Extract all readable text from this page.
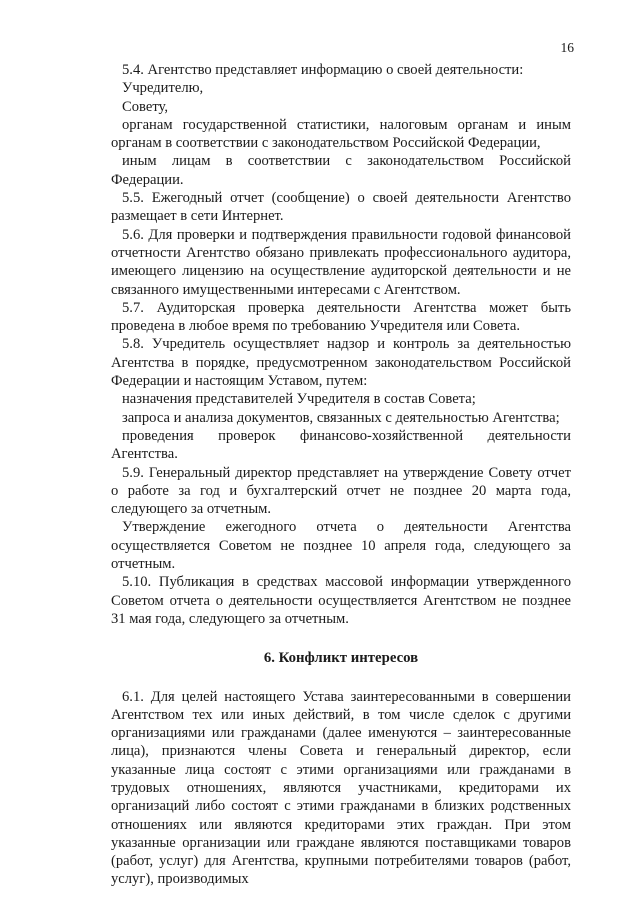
16

5.4. Агентство представляет информацию о своей деятельности:

Учредителю,

Совету,

органам государственной статистики, налоговым органам и иным органам в соответствии с законодательством Российской Федерации,

иным лицам в соответствии с законодательством Российской Федерации.

5.5. Ежегодный отчет (сообщение) о своей деятельности Агентство размещает в сети Интернет.

5.6. Для проверки и подтверждения правильности годовой финансовой отчетности Агентство обязано привлекать профессионального аудитора, имеющего лицензию на осуществление аудиторской деятельности и не связанного имущественными интересами с Агентством.

5.7. Аудиторская проверка деятельности Агентства может быть проведена в любое время по требованию Учредителя или Совета.

5.8. Учредитель осуществляет надзор и контроль за деятельностью Агентства в порядке, предусмотренном законодательством Российской Федерации и настоящим Уставом, путем:

назначения представителей Учредителя в состав Совета;

запроса и анализа документов, связанных с деятельностью Агентства;

проведения проверок финансово-хозяйственной деятельности Агентства.

5.9. Генеральный директор представляет на утверждение Совету отчет о работе за год и бухгалтерский отчет не позднее 20 марта года, следующего за отчетным.

Утверждение ежегодного отчета о деятельности Агентства осуществляется Советом не позднее 10 апреля года, следующего за отчетным.

5.10. Публикация в средствах массовой информации утвержденного Советом отчета о деятельности осуществляется Агентством не позднее 31 мая года, следующего за отчетным.

6. Конфликт интересов

6.1. Для целей настоящего Устава заинтересованными в совершении Агентством тех или иных действий, в том числе сделок с другими организациями или гражданами (далее именуются – заинтересованные лица), признаются члены Совета и генеральный директор, если указанные лица состоят с этими организациями или гражданами в трудовых отношениях, являются участниками, кредиторами их организаций либо состоят с этими гражданами в близких родственных отношениях или являются кредиторами этих граждан. При этом указанные организации или граждане являются поставщиками товаров (работ, услуг) для Агентства, крупными потребителями товаров (работ, услуг), производимых
